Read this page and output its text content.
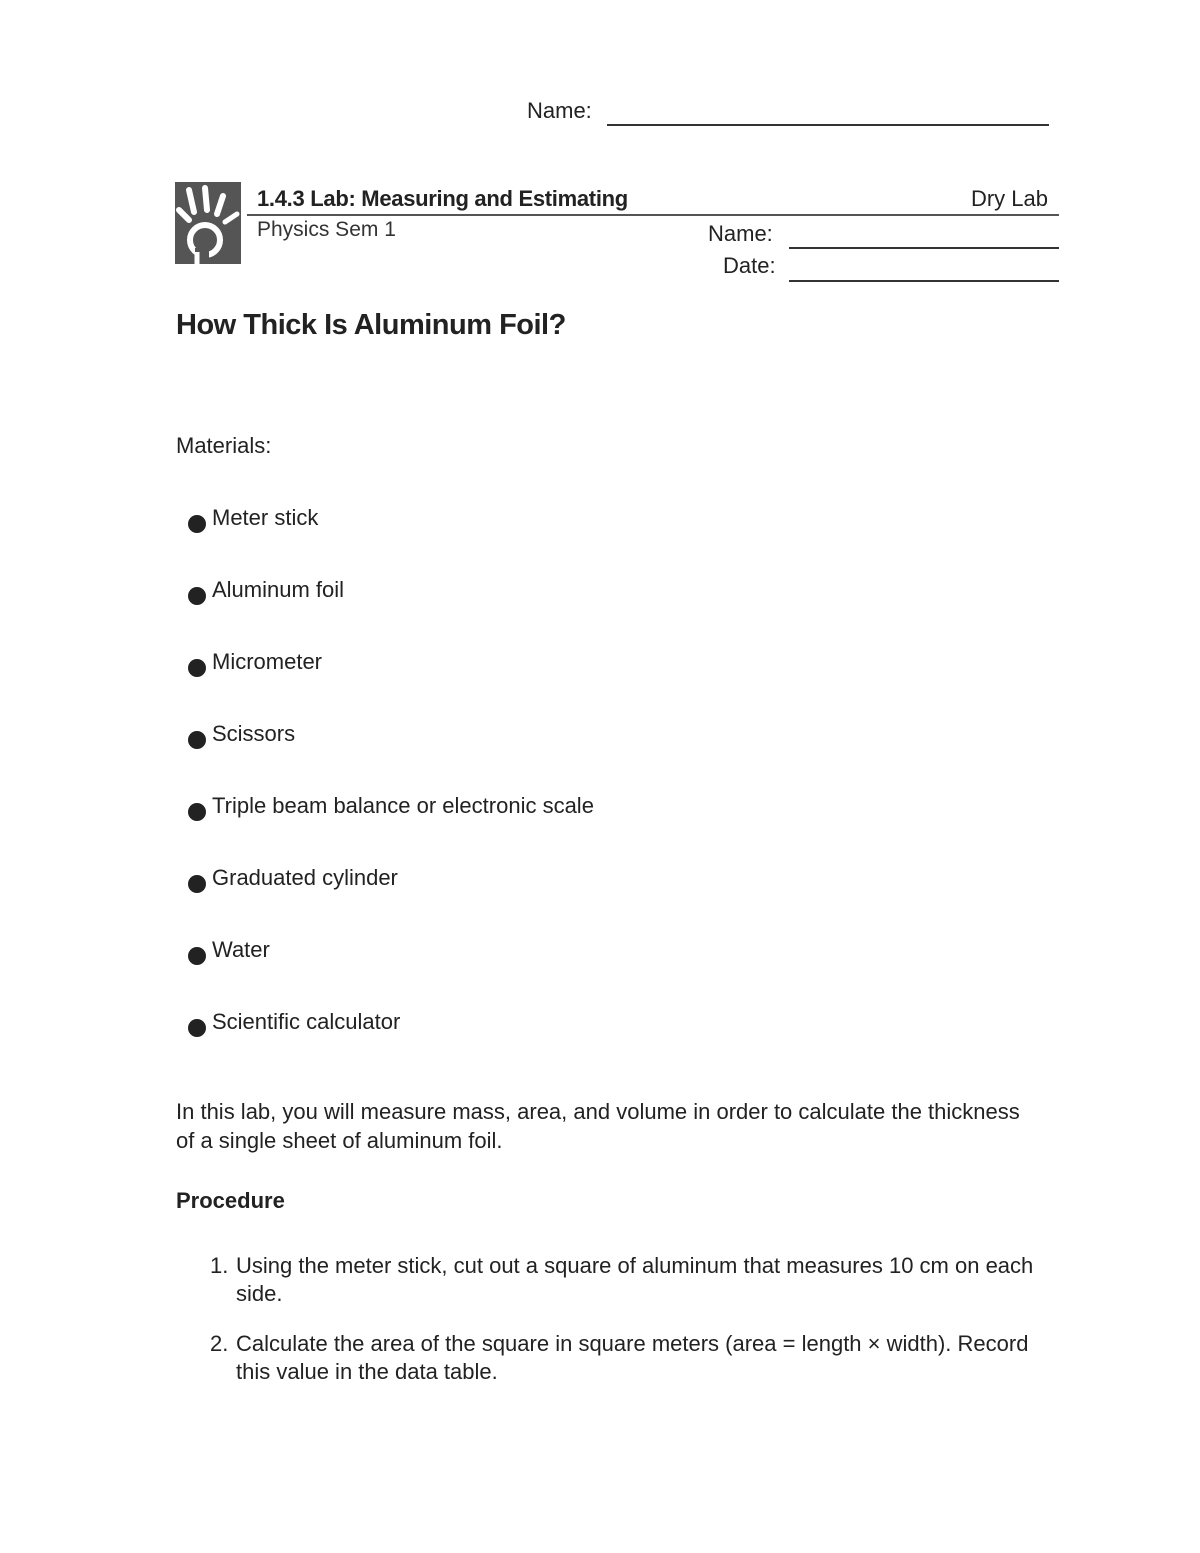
Name:
1.4.3 Lab: Measuring and Estimating	Dry Lab
Physics Sem 1	Name:
Date:
How Thick Is Aluminum Foil?
Materials:
Meter stick
Aluminum foil
Micrometer
Scissors
Triple beam balance or electronic scale
Graduated cylinder
Water
Scientific calculator
In this lab, you will measure mass, area, and volume in order to calculate the thickness of a single sheet of aluminum foil.
Procedure
1. Using the meter stick, cut out a square of aluminum that measures 10 cm on each side.
2. Calculate the area of the square in square meters (area = length × width). Record this value in the data table.
